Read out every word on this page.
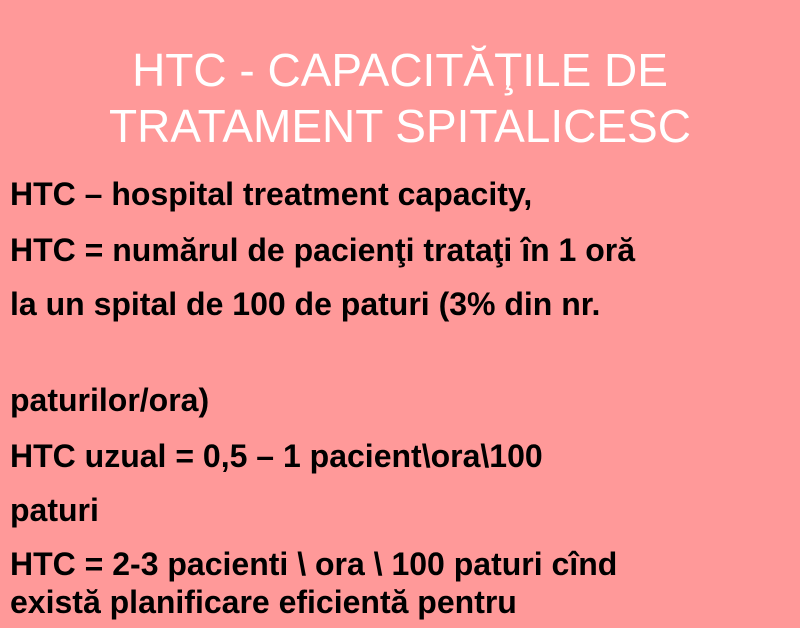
HTC - CAPACITĂŢILE DE
TRATAMENT SPITALICESC
HTC – hospital treatment capacity,
HTC = numărul de pacienţi trataţi în 1 oră
la un spital de 100 de paturi (3% din nr.
paturilor/ora)
HTC uzual = 0,5 – 1 pacient\ora\100
paturi
HTC = 2-3 pacienti \ ora \ 100 paturi cînd
există planificare eficientă pentru
